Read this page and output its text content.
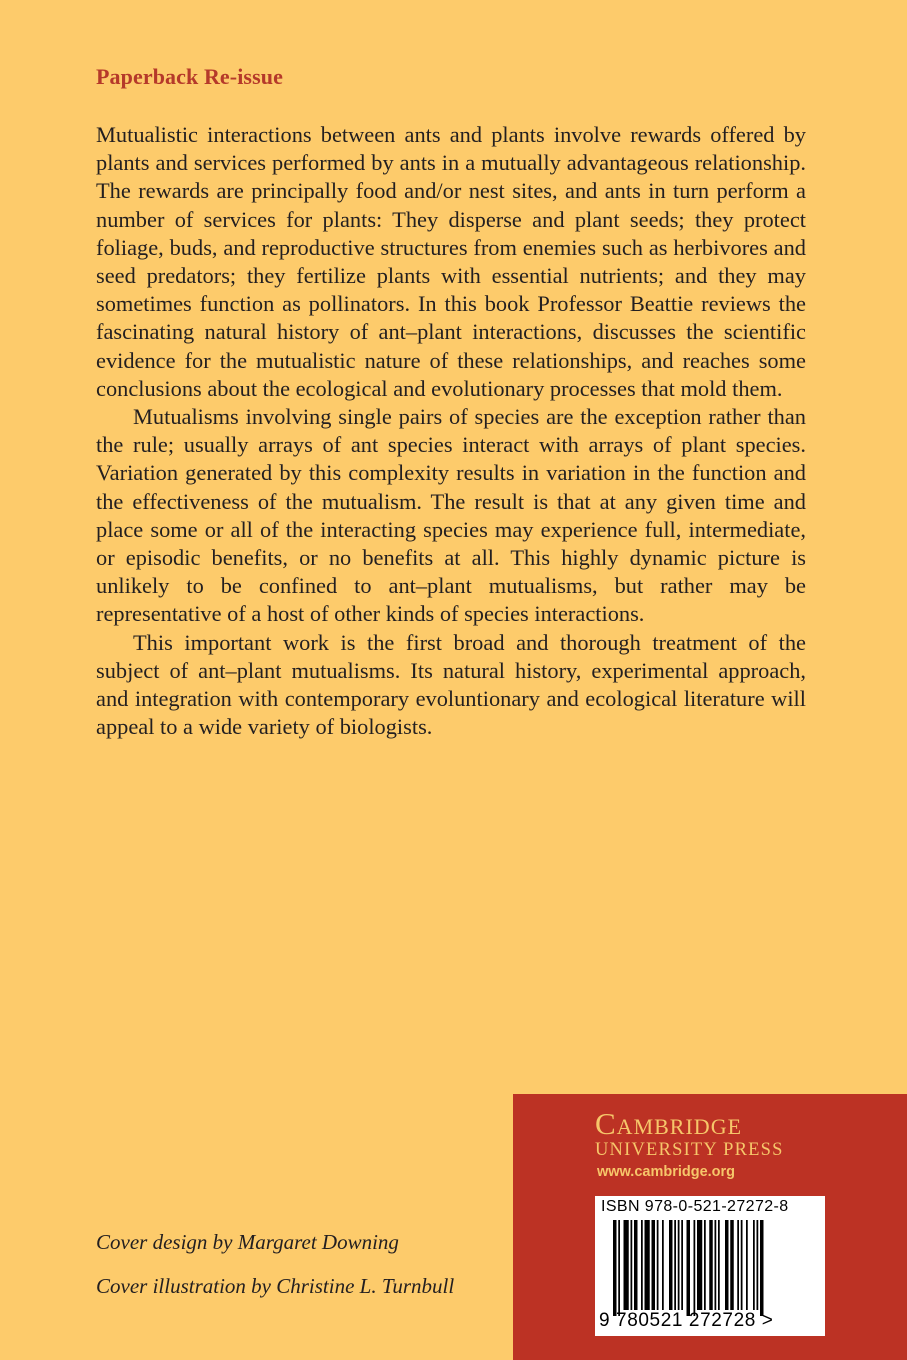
Paperback Re-issue

Mutualistic interactions between ants and plants involve rewards offered by plants and services performed by ants in a mutually advantageous relationship. The rewards are principally food and/or nest sites, and ants in turn perform a number of services for plants: They disperse and plant seeds; they protect foliage, buds, and reproductive structures from enemies such as herbivores and seed predators; they fertilize plants with essential nutrients; and they may sometimes function as pollinators. In this book Professor Beattie reviews the fascinating natural history of ant–plant interactions, discusses the scientific evidence for the mutualistic nature of these relationships, and reaches some conclusions about the ecological and evolutionary processes that mold them.

Mutualisms involving single pairs of species are the exception rather than the rule; usually arrays of ant species interact with arrays of plant species. Variation generated by this complexity results in variation in the function and the effectiveness of the mutualism. The result is that at any given time and place some or all of the interacting species may experience full, intermediate, or episodic benefits, or no benefits at all. This highly dynamic picture is unlikely to be confined to ant–plant mutualisms, but rather may be representative of a host of other kinds of species interactions.

This important work is the first broad and thorough treatment of the subject of ant–plant mutualisms. Its natural history, experimental approach, and integration with contemporary evoluntionary and ecological literature will appeal to a wide variety of biologists.

Cover design by Margaret Downing
Cover illustration by Christine L. Turnbull
Cambridge
UNIVERSITY PRESS
www.cambridge.org
ISBN 978-0-521-27272-8
9 780521 272728 >
